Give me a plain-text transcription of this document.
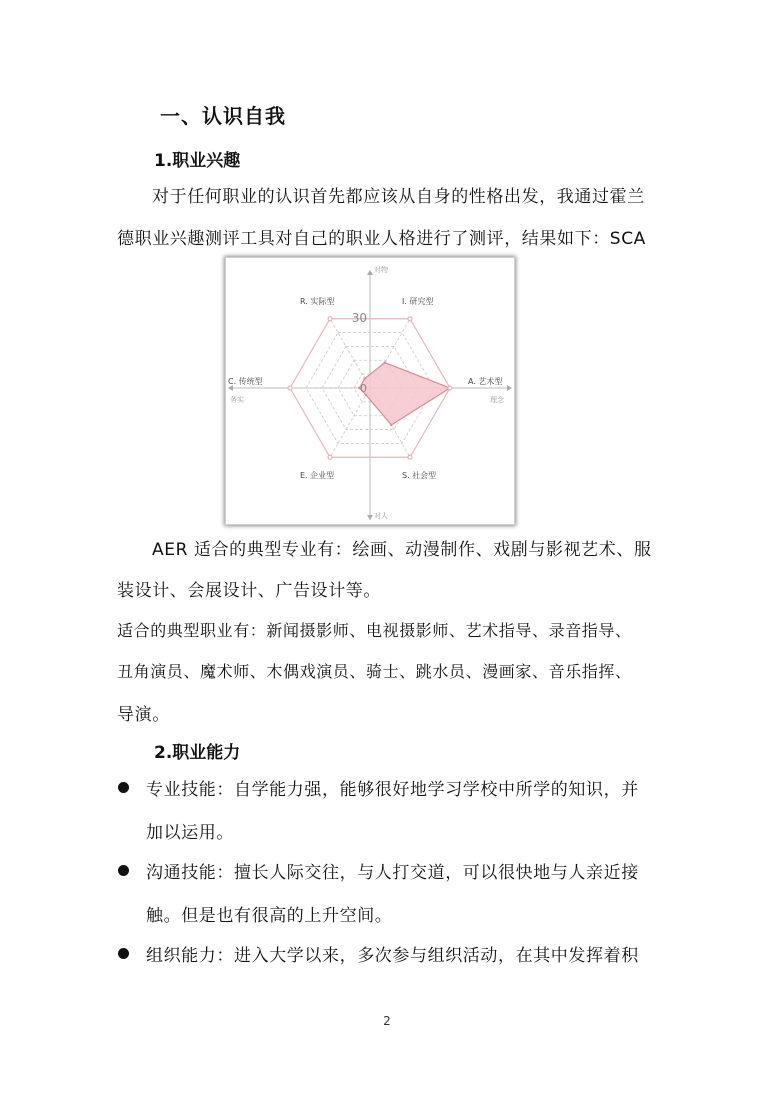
一、认识自我
1.职业兴趣
对于任何职业的认识首先都应该从自身的性格出发，我通过霍兰
德职业兴趣测评工具对自己的职业人格进行了测评，结果如下：SCA
30
0
R. 实际型	I. 研究型
A. 艺术型
S. 社会型
E. 企业型
C. 传统型
对物
对人
务实	理念
AER 适合的典型专业有：绘画、动漫制作、戏剧与影视艺术、服
装设计、会展设计、广告设计等。
适合的典型职业有：新闻摄影师、电视摄影师、艺术指导、录音指导、
丑角演员、魔术师、木偶戏演员、骑士、跳水员、漫画家、音乐指挥、
导演。
2.职业能力
专业技能：自学能力强，能够很好地学习学校中所学的知识，并
加以运用。
沟通技能：擅长人际交往，与人打交道，可以很快地与人亲近接
触。但是也有很高的上升空间。
组织能力：进入大学以来，多次参与组织活动，在其中发挥着积
2
